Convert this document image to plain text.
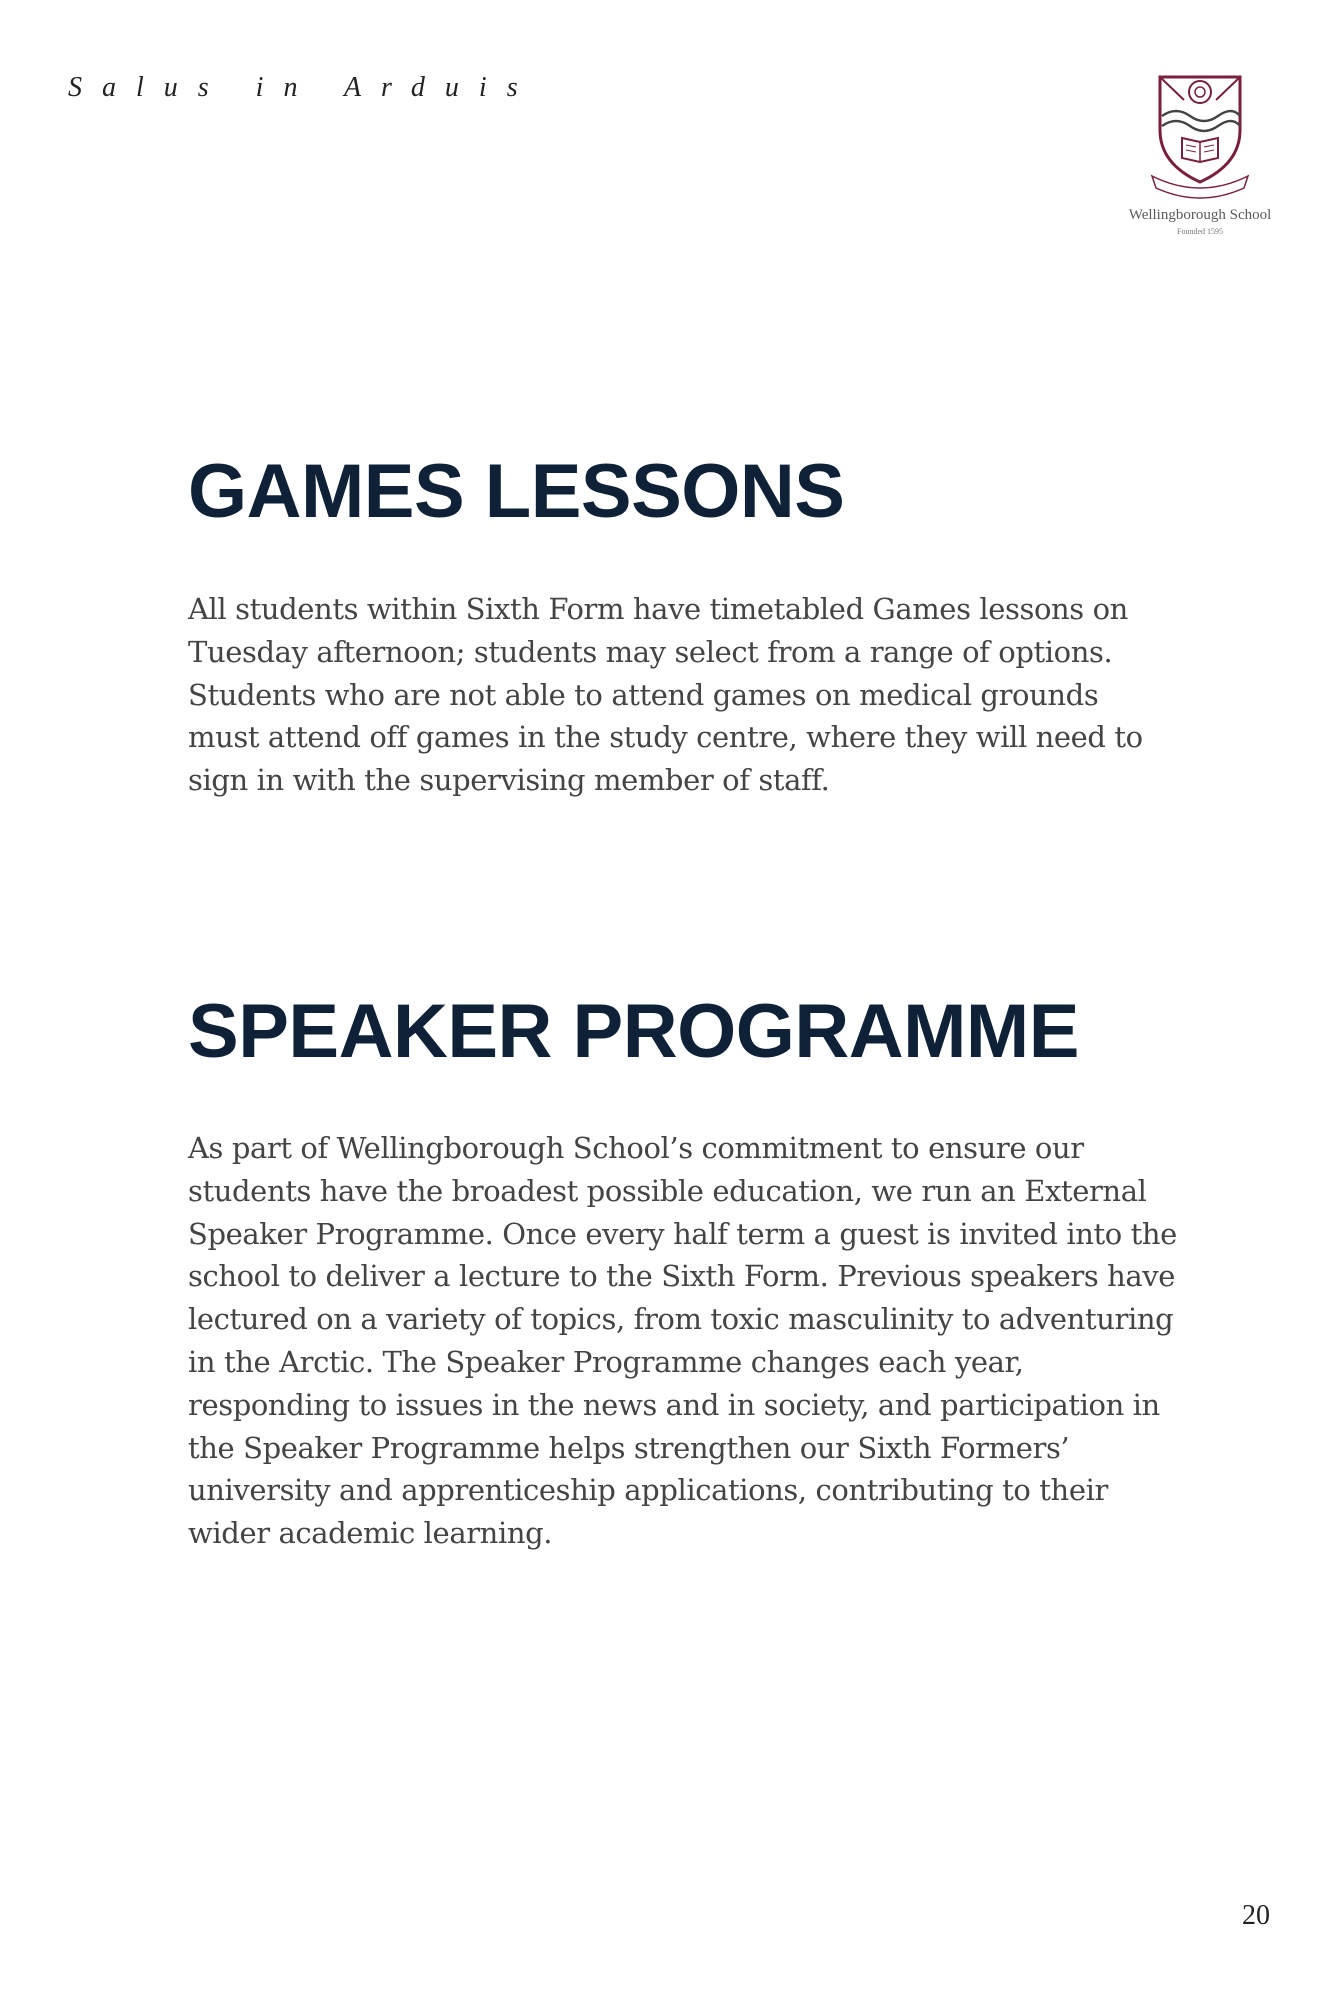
Salus in Arduis
Wellingborough School
Founded 1595
GAMES LESSONS

All students within Sixth Form have timetabled Games lessons on Tuesday afternoon; students may select from a range of options. Students who are not able to attend games on medical grounds must attend off games in the study centre, where they will need to sign in with the supervising member of staff.

SPEAKER PROGRAMME

As part of Wellingborough School’s commitment to ensure our students have the broadest possible education, we run an External Speaker Programme. Once every half term a guest is invited into the school to deliver a lecture to the Sixth Form. Previous speakers have lectured on a variety of topics, from toxic masculinity to adventuring in the Arctic. The Speaker Programme changes each year, responding to issues in the news and in society, and participation in the Speaker Programme helps strengthen our Sixth Formers’ university and apprenticeship applications, contributing to their wider academic learning.

20
